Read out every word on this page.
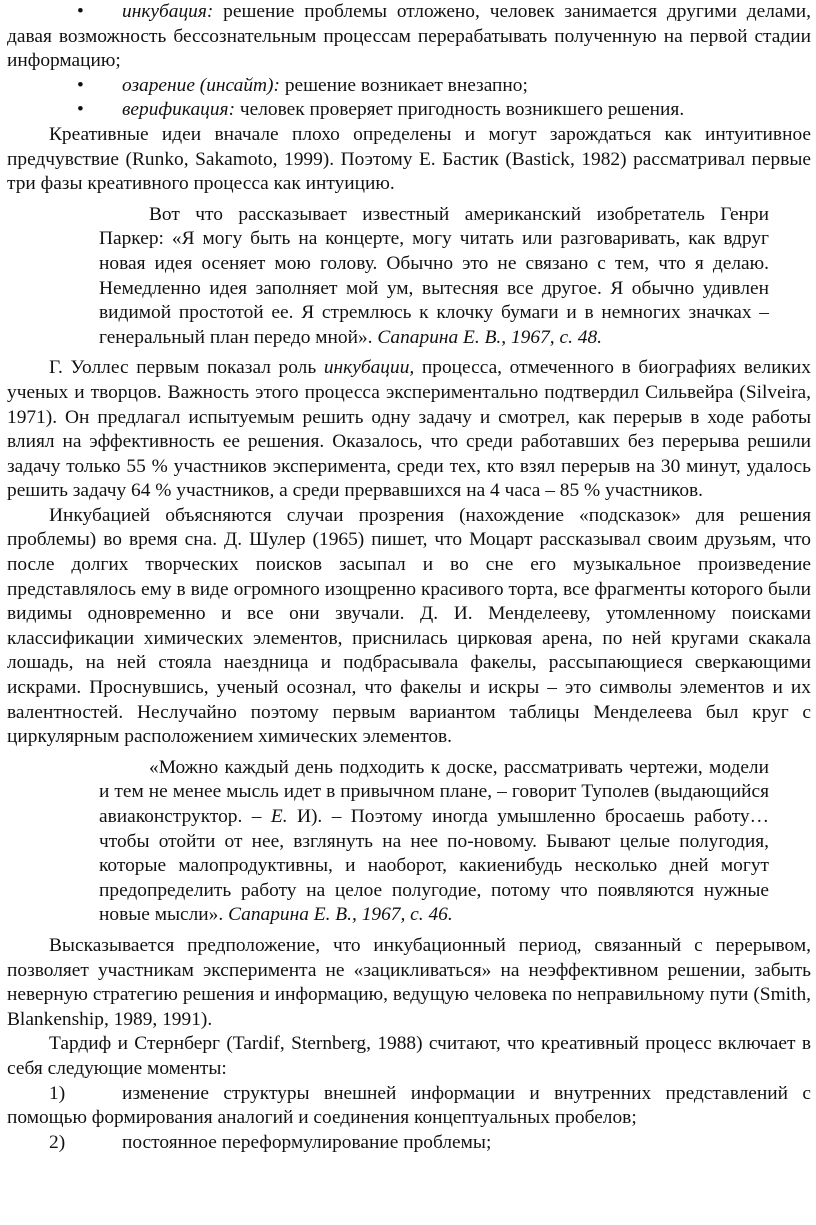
• инкубация: решение проблемы отложено, человек занимается другими делами, давая возможность бессознательным процессам перерабатывать полученную на первой стадии информацию;

• озарение (инсайт): решение возникает внезапно;

• верификация: человек проверяет пригодность возникшего решения.

Креативные идеи вначале плохо определены и могут зарождаться как интуитивное предчувствие (Runko, Sakamoto, 1999). Поэтому Е. Бастик (Bastick, 1982) рассматривал первые три фазы креативного процесса как интуицию.

Вот что рассказывает известный американский изобретатель Генри Паркер: «Я могу быть на концерте, могу читать или разговаривать, как вдруг новая идея осеняет мою голову. Обычно это не связано с тем, что я делаю. Немедленно идея заполняет мой ум, вытесняя все другое. Я обычно удивлен видимой простотой ее. Я стремлюсь к клочку бумаги и в немногих значках – генеральный план передо мной». Сапарина Е. В., 1967, с. 48.

Г. Уоллес первым показал роль инкубации, процесса, отмеченного в биографиях великих ученых и творцов. Важность этого процесса экспериментально подтвердил Сильвейра (Silveira, 1971). Он предлагал испытуемым решить одну задачу и смотрел, как перерыв в ходе работы влиял на эффективность ее решения. Оказалось, что среди работавших без перерыва решили задачу только 55 % участников эксперимента, среди тех, кто взял перерыв на 30 минут, удалось решить задачу 64 % участников, а среди прервавшихся на 4 часа – 85 % участников.

Инкубацией объясняются случаи прозрения (нахождение «подсказок» для решения проблемы) во время сна. Д. Шулер (1965) пишет, что Моцарт рассказывал своим друзьям, что после долгих творческих поисков засыпал и во сне его музыкальное произведение представлялось ему в виде огромного изощренно красивого торта, все фрагменты которого были видимы одновременно и все они звучали. Д. И. Менделееву, утомленному поисками классификации химических элементов, приснилась цирковая арена, по ней кругами скакала лошадь, на ней стояла наездница и подбрасывала факелы, рассыпающиеся сверкающими искрами. Проснувшись, ученый осознал, что факелы и искры – это символы элементов и их валентностей. Неслучайно поэтому первым вариантом таблицы Менделеева был круг с циркулярным расположением химических элементов.

«Можно каждый день подходить к доске, рассматривать чертежи, модели и тем не менее мысль идет в привычном плане, – говорит Туполев (выдающийся авиаконструктор. – Е. И). – Поэтому иногда умышленно бросаешь работу… чтобы отойти от нее, взглянуть на нее по-новому. Бывают целые полугодия, которые малопродуктивны, и наоборот, какиенибудь несколько дней могут предопределить работу на целое полугодие, потому что появляются нужные новые мысли». Сапарина Е. В., 1967, с. 46.

Высказывается предположение, что инкубационный период, связанный с перерывом, позволяет участникам эксперимента не «зацикливаться» на неэффективном решении, забыть неверную стратегию решения и информацию, ведущую человека по неправильному пути (Smith, Blankenship, 1989, 1991).

Тардиф и Стернберг (Tardif, Sternberg, 1988) считают, что креативный процесс включает в себя следующие моменты:

1)	изменение структуры внешней информации и внутренних представлений с помощью формирования аналогий и соединения концептуальных пробелов;

2)	постоянное переформулирование проблемы;
